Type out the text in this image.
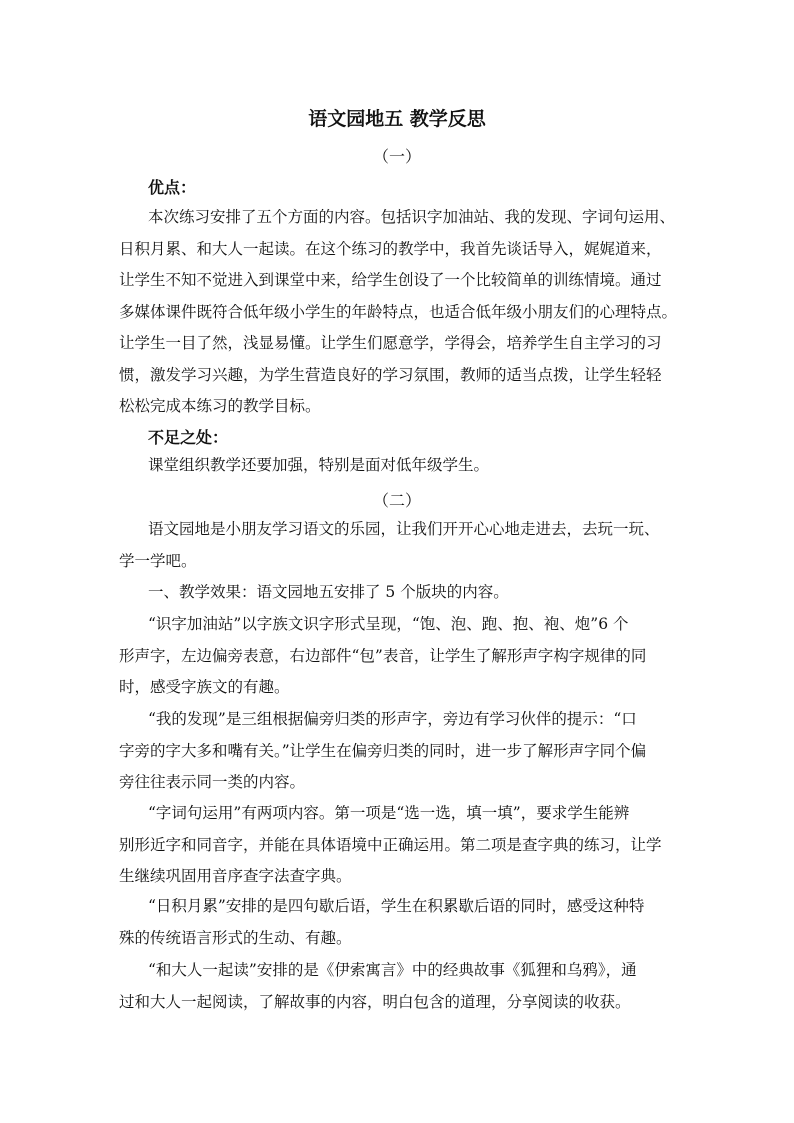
语文园地五 教学反思
（一）
优点：
本次练习安排了五个方面的内容。包括识字加油站、我的发现、字词句运用、
日积月累、和大人一起读。在这个练习的教学中，我首先谈话导入，娓娓道来，
让学生不知不觉进入到课堂中来，给学生创设了一个比较简单的训练情境。通过
多媒体课件既符合低年级小学生的年龄特点，也适合低年级小朋友们的心理特点。
让学生一目了然，浅显易懂。让学生们愿意学，学得会，培养学生自主学习的习
惯，激发学习兴趣，为学生营造良好的学习氛围，教师的适当点拨，让学生轻轻
松松完成本练习的教学目标。
不足之处：
课堂组织教学还要加强，特别是面对低年级学生。
（二）
语文园地是小朋友学习语文的乐园，让我们开开心心地走进去，去玩一玩、
学一学吧。
一、教学效果：语文园地五安排了 5 个版块的内容。
“识字加油站”以字族文识字形式呈现，“饱、泡、跑、抱、袍、炮”6 个
形声字，左边偏旁表意，右边部件“包”表音，让学生了解形声字构字规律的同
时，感受字族文的有趣。
“我的发现”是三组根据偏旁归类的形声字，旁边有学习伙伴的提示：“口
字旁的字大多和嘴有关。”让学生在偏旁归类的同时，进一步了解形声字同个偏
旁往往表示同一类的内容。
“字词句运用”有两项内容。第一项是“选一选，填一填”，要求学生能辨
别形近字和同音字，并能在具体语境中正确运用。第二项是查字典的练习，让学
生继续巩固用音序查字法查字典。
“日积月累”安排的是四句歇后语，学生在积累歇后语的同时，感受这种特
殊的传统语言形式的生动、有趣。
“和大人一起读”安排的是《伊索寓言》中的经典故事《狐狸和乌鸦》，通
过和大人一起阅读，了解故事的内容，明白包含的道理，分享阅读的收获。
